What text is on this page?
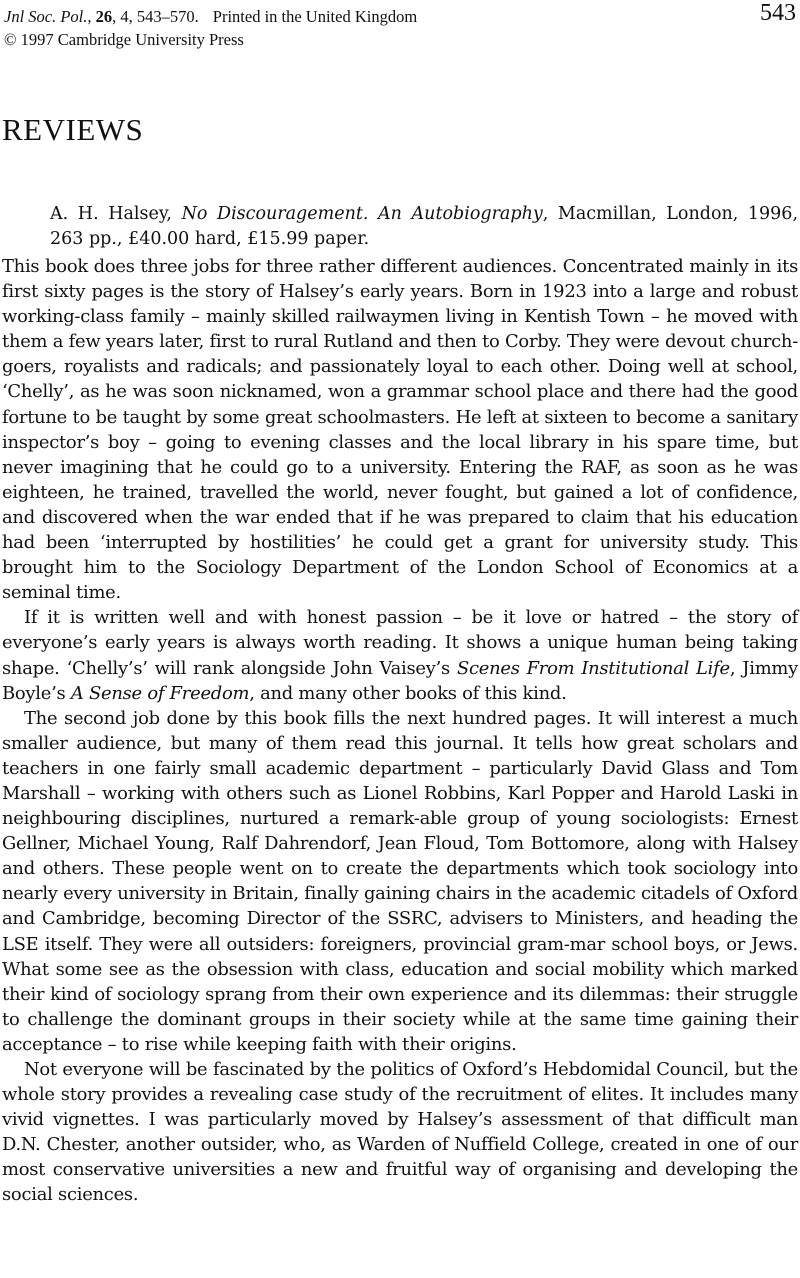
Jnl Soc. Pol., 26, 4, 543–570. Printed in the United Kingdom	543
© 1997 Cambridge University Press
REVIEWS
A. H. Halsey, No Discouragement. An Autobiography, Macmillan, London, 1996, 263 pp., £40.00 hard, £15.99 paper.

This book does three jobs for three rather different audiences. Concentrated mainly in its first sixty pages is the story of Halsey’s early years. Born in 1923 into a large and robust working-class family – mainly skilled railwaymen living in Kentish Town – he moved with them a few years later, first to rural Rutland and then to Corby. They were devout church-goers, royalists and radicals; and passionately loyal to each other. Doing well at school, ‘Chelly’, as he was soon nicknamed, won a grammar school place and there had the good fortune to be taught by some great schoolmasters. He left at sixteen to become a sanitary inspector’s boy – going to evening classes and the local library in his spare time, but never imagining that he could go to a university. Entering the RAF, as soon as he was eighteen, he trained, travelled the world, never fought, but gained a lot of confidence, and discovered when the war ended that if he was prepared to claim that his education had been ‘interrupted by hostilities’ he could get a grant for university study. This brought him to the Sociology Department of the London School of Economics at a seminal time.

If it is written well and with honest passion – be it love or hatred – the story of everyone’s early years is always worth reading. It shows a unique human being taking shape. ‘Chelly’s’ will rank alongside John Vaisey’s Scenes From Institutional Life, Jimmy Boyle’s A Sense of Freedom, and many other books of this kind.

The second job done by this book fills the next hundred pages. It will interest a much smaller audience, but many of them read this journal. It tells how great scholars and teachers in one fairly small academic department – particularly David Glass and Tom Marshall – working with others such as Lionel Robbins, Karl Popper and Harold Laski in neighbouring disciplines, nurtured a remark-able group of young sociologists: Ernest Gellner, Michael Young, Ralf Dahrendorf, Jean Floud, Tom Bottomore, along with Halsey and others. These people went on to create the departments which took sociology into nearly every university in Britain, finally gaining chairs in the academic citadels of Oxford and Cambridge, becoming Director of the SSRC, advisers to Ministers, and heading the LSE itself. They were all outsiders: foreigners, provincial gram-mar school boys, or Jews. What some see as the obsession with class, education and social mobility which marked their kind of sociology sprang from their own experience and its dilemmas: their struggle to challenge the dominant groups in their society while at the same time gaining their acceptance – to rise while keeping faith with their origins.

Not everyone will be fascinated by the politics of Oxford’s Hebdomidal Council, but the whole story provides a revealing case study of the recruitment of elites. It includes many vivid vignettes. I was particularly moved by Halsey’s assessment of that difficult man D.N. Chester, another outsider, who, as Warden of Nuffield College, created in one of our most conservative universities a new and fruitful way of organising and developing the social sciences.
